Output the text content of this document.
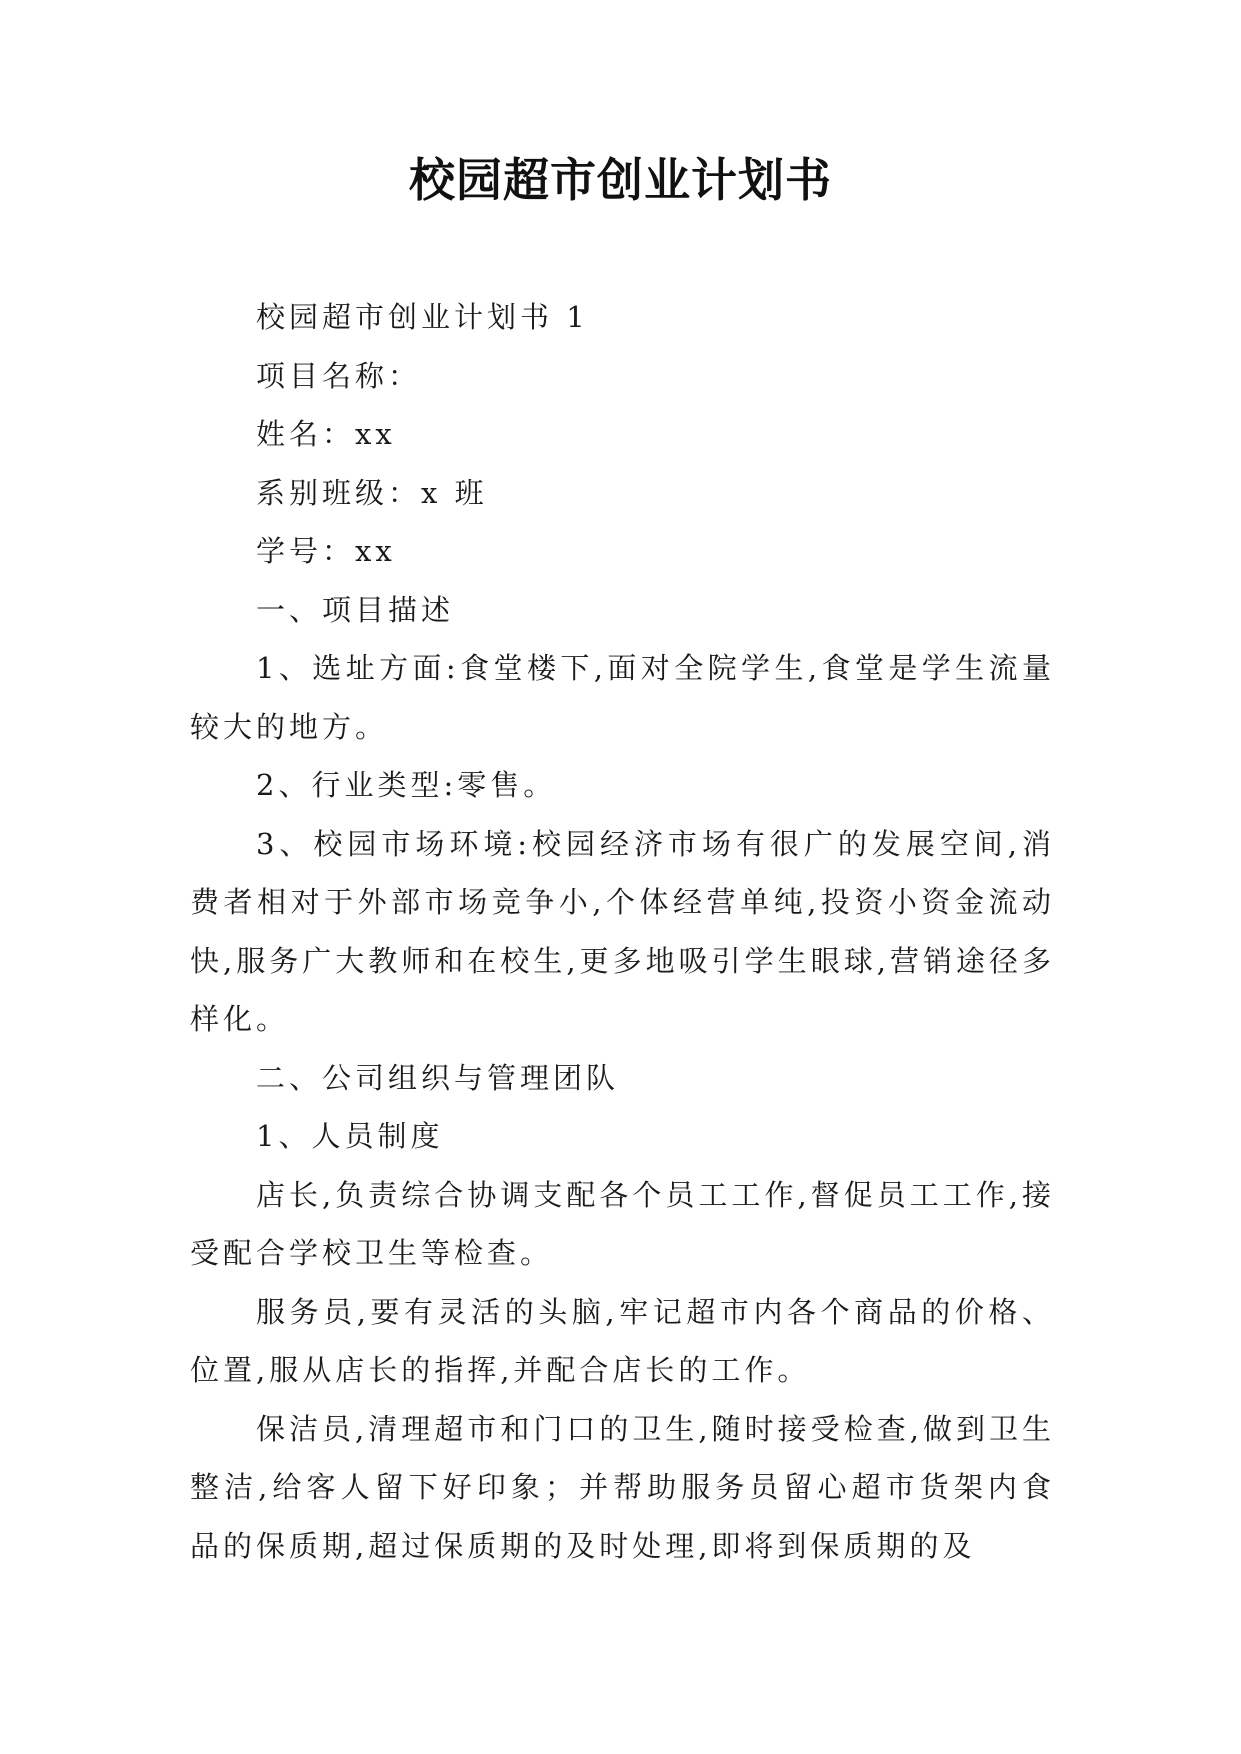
校园超市创业计划书

校园超市创业计划书 1

项目名称：

姓名：xx

系别班级：x 班

学号：xx

一、项目描述

1、选址方面:食堂楼下,面对全院学生,食堂是学生流量较大的地方。

2、行业类型:零售。

3、校园市场环境:校园经济市场有很广的发展空间,消费者相对于外部市场竞争小,个体经营单纯,投资小资金流动快,服务广大教师和在校生,更多地吸引学生眼球,营销途径多样化。

二、公司组织与管理团队

1、人员制度

店长,负责综合协调支配各个员工工作,督促员工工作,接受配合学校卫生等检查。

服务员,要有灵活的头脑,牢记超市内各个商品的价格、位置,服从店长的指挥,并配合店长的工作。

保洁员,清理超市和门口的卫生,随时接受检查,做到卫生整洁,给客人留下好印象；并帮助服务员留心超市货架内食品的保质期,超过保质期的及时处理,即将到保质期的及
